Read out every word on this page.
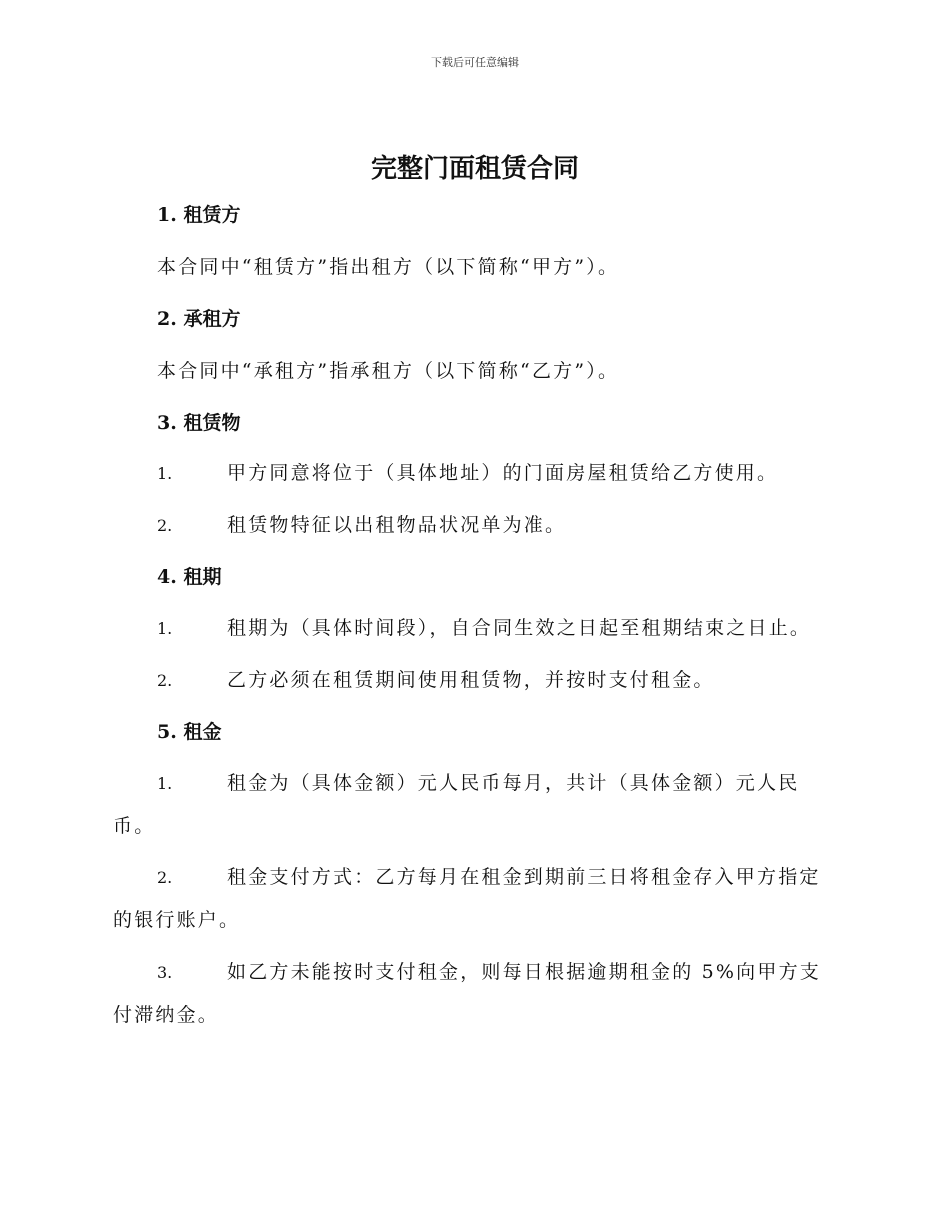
下载后可任意编辑
完整门面租赁合同
1. 租赁方
本合同中“租赁方”指出租方（以下简称“甲方”）。
2. 承租方
本合同中“承租方”指承租方（以下简称“乙方”）。
3. 租赁物
1.	甲方同意将位于（具体地址）的门面房屋租赁给乙方使用。
2.	租赁物特征以出租物品状况单为准。
4. 租期
1.	租期为（具体时间段），自合同生效之日起至租期结束之日止。
2.	乙方必须在租赁期间使用租赁物，并按时支付租金。
5. 租金
1.	租金为（具体金额）元人民币每月，共计（具体金额）元人民
币。
2.	租金支付方式：乙方每月在租金到期前三日将租金存入甲方指定
的银行账户。
3.	如乙方未能按时支付租金，则每日根据逾期租金的 5%向甲方支
付滞纳金。
